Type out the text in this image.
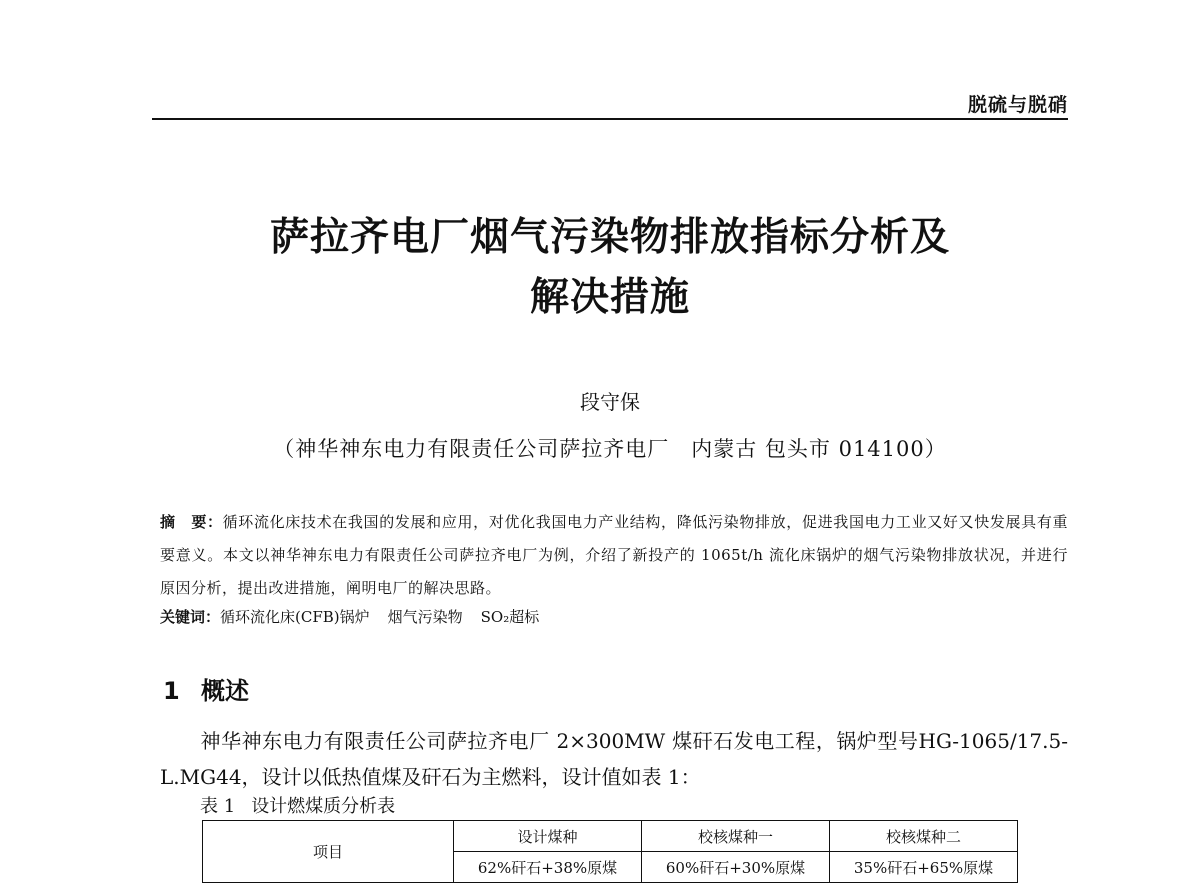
脱硫与脱硝
萨拉齐电厂烟气污染物排放指标分析及
解决措施
段守保
（神华神东电力有限责任公司萨拉齐电厂　内蒙古 包头市 014100）
摘　要：循环流化床技术在我国的发展和应用，对优化我国电力产业结构，降低污染物排放，促进我国电力工业又好又快发展具有重要意义。本文以神华神东电力有限责任公司萨拉齐电厂为例，介绍了新投产的 1065t/h 流化床锅炉的烟气污染物排放状况，并进行原因分析，提出改进措施，阐明电厂的解决思路。
关键词：循环流化床(CFB)锅炉 烟气污染物 SO₂超标
1 概述
神华神东电力有限责任公司萨拉齐电厂 2×300MW 煤矸石发电工程，锅炉型号HG-1065/17.5-L.MG44，设计以低热值煤及矸石为主燃料，设计值如表 1：
表 1 设计燃煤质分析表
项目	设计煤种	校核煤种一	校核煤种二
	62%矸石+38%原煤	60%矸石+30%原煤	35%矸石+65%原煤
